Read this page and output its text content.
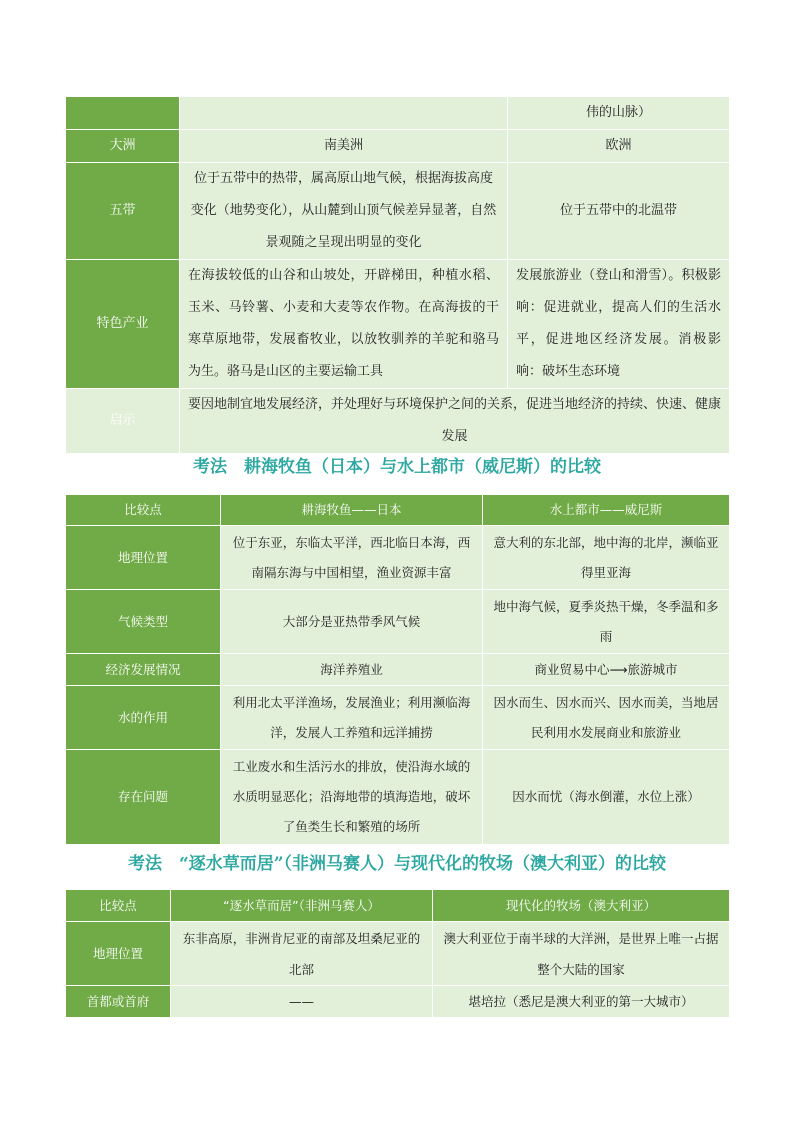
		伟的山脉）
大洲	南美洲	欧洲
五带	位于五带中的热带，属高原山地气候，根据海拔高度变化（地势变化），从山麓到山顶气候差异显著，自然景观随之呈现出明显的变化	位于五带中的北温带
特色产业	在海拔较低的山谷和山坡处，开辟梯田，种植水稻、玉米、马铃薯、小麦和大麦等农作物。在高海拔的干寒草原地带，发展畜牧业，以放牧驯养的羊驼和骆马为生。骆马是山区的主要运输工具	发展旅游业（登山和滑雪）。积极影响：促进就业，提高人们的生活水平，促进地区经济发展。消极影响：破坏生态环境
启示	要因地制宜地发展经济，并处理好与环境保护之间的关系，促进当地经济的持续、快速、健康发展	
考法　耕海牧鱼（日本）与水上都市（威尼斯）的比较
比较点	耕海牧鱼——日本	水上都市——威尼斯
地理位置	位于东亚，东临太平洋，西北临日本海，西南隔东海与中国相望，渔业资源丰富	意大利的东北部，地中海的北岸，濒临亚得里亚海
气候类型	大部分是亚热带季风气候	地中海气候，夏季炎热干燥，冬季温和多雨
经济发展情况	海洋养殖业	商业贸易中心⟶旅游城市
水的作用	利用北太平洋渔场，发展渔业；利用濒临海洋，发展人工养殖和远洋捕捞	因水而生、因水而兴、因水而美，当地居民利用水发展商业和旅游业
存在问题	工业废水和生活污水的排放，使沿海水域的水质明显恶化；沿海地带的填海造地，破坏了鱼类生长和繁殖的场所	因水而忧（海水倒灌，水位上涨）
考法　“逐水草而居”（非洲马赛人）与现代化的牧场（澳大利亚）的比较
比较点	“逐水草而居”（非洲马赛人）	现代化的牧场（澳大利亚）
地理位置	东非高原，非洲肯尼亚的南部及坦桑尼亚的北部	澳大利亚位于南半球的大洋洲，是世界上唯一占据整个大陆的国家
首都或首府	——	堪培拉（悉尼是澳大利亚的第一大城市）
